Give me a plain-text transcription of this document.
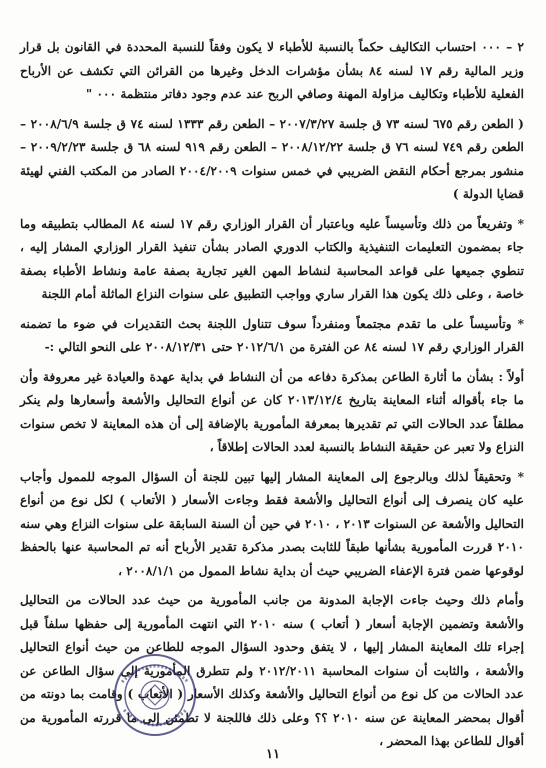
٢ – ٠٠٠ احتساب التكاليف حكماً بالنسبة للأطباء لا يكون وفقاً للنسبة المحددة في القانون بل قرار وزير المالية رقم ١٧ لسنه ٨٤ بشأن مؤشرات الدخل وغيرها من القرائن التي تكشف عن الأرباح الفعلية للأطباء وتكاليف مزاولة المهنة وصافي الربح عند عدم وجود دفاتر منتظمة ٠٠٠ "

( الطعن رقم ٦٧٥ لسنه ٧٣ ق جلسة ٢٠٠٧/٣/٢٧ – الطعن رقم ١٣٣٣ لسنه ٧٤ ق جلسة ٢٠٠٨/٦/٩ – الطعن رقم ٧٤٩ لسنه ٧٦ ق جلسة ٢٠٠٨/١٢/٢٢ – الطعن رقم ٩١٩ لسنه ٦٨ ق جلسة ٢٠٠٩/٢/٢٣ – منشور بمرجع أحكام النقض الضريبي في خمس سنوات ٢٠٠٤/٢٠٠٩ الصادر من المكتب الفني لهيئة قضايا الدولة )

* وتفريعاً من ذلك وتأسيساً عليه وباعتبار أن القرار الوزاري رقم ١٧ لسنه ٨٤ المطالب بتطبيقه وما جاء بمضمون التعليمات التنفيذية والكتاب الدوري الصادر بشأن تنفيذ القرار الوزاري المشار إليه ، تنطوي جميعها على قواعد المحاسبة لنشاط المهن الغير تجارية بصفة عامة ونشاط الأطباء بصفة خاصة ، وعلى ذلك يكون هذا القرار ساري وواجب التطبيق على سنوات النزاع الماثلة أمام اللجنة

* وتأسيساً على ما تقدم مجتمعاً ومنفرداً سوف تتناول اللجنة بحث التقديرات في ضوء ما تضمنه القرار الوزاري رقم ١٧ لسنه ٨٤ عن الفترة من ٢٠١٢/٦/١ حتى ٢٠٠٨/١٢/٣١ على النحو التالي :-

أولاً : بشأن ما أثارة الطاعن بمذكرة دفاعه من أن النشاط في بداية عهدة والعيادة غير معروفة وأن ما جاء بأقواله أثناء المعاينة بتاريخ ٢٠١٣/١٢/٤ كان عن أنواع التحاليل والأشعة وأسعارها ولم ينكر مطلقاً عدد الحالات التي تم تقديرها بمعرفة المأمورية بالإضافة إلى أن هذه المعاينة لا تخص سنوات النزاع ولا تعبر عن حقيقة النشاط بالنسبة لعدد الحالات إطلاقاً ،

* وتحقيقاً لذلك وبالرجوع إلى المعاينة المشار إليها تبين للجنة أن السؤال الموجه للممول وأجاب عليه كان ينصرف إلى أنواع التحاليل والأشعة فقط وجاءت الأسعار ( الأتعاب ) لكل نوع من أنواع التحاليل والأشعة عن السنوات ٢٠١٣ ، ٢٠١٠ في حين أن السنة السابقة على سنوات النزاع وهي سنه ٢٠١٠ قررت المأمورية بشأنها طبقاً للثابت بصدر مذكرة تقدير الأرباح أنه تم المحاسبة عنها بالحفظ لوقوعها ضمن فترة الإعفاء الضريبي حيث أن بداية نشاط الممول من ٢٠٠٨/١/١ ،

وأمام ذلك وحيث جاءت الإجابة المدونة من جانب المأمورية من حيث عدد الحالات من التحاليل والأشعة وتضمين الإجابة أسعار ( أتعاب ) سنه ٢٠١٠ التي انتهت المأمورية إلى حفظها سلفاً قبل إجراء تلك المعاينة المشار إليها ، لا يتفق وحدود السؤال الموجه للطاعن من حيث أنواع التحاليل والأشعة ، والثابت أن سنوات المحاسبة ٢٠١٢/٢٠١١ ولم تتطرق المأمورية إلى سؤال الطاعن عن عدد الحالات من كل نوع من أنواع التحاليل والأشعة وكذلك الأسعار ( الأتعاب ) وقامت بما دونته من أقوال بمحضر المعاينة عن سنه ٢٠١٠ ؟؟ وعلى ذلك فاللجنة لا تطمئن إلى ما قررته المأمورية من أقوال للطاعن بهذا المحضر ،

١١
